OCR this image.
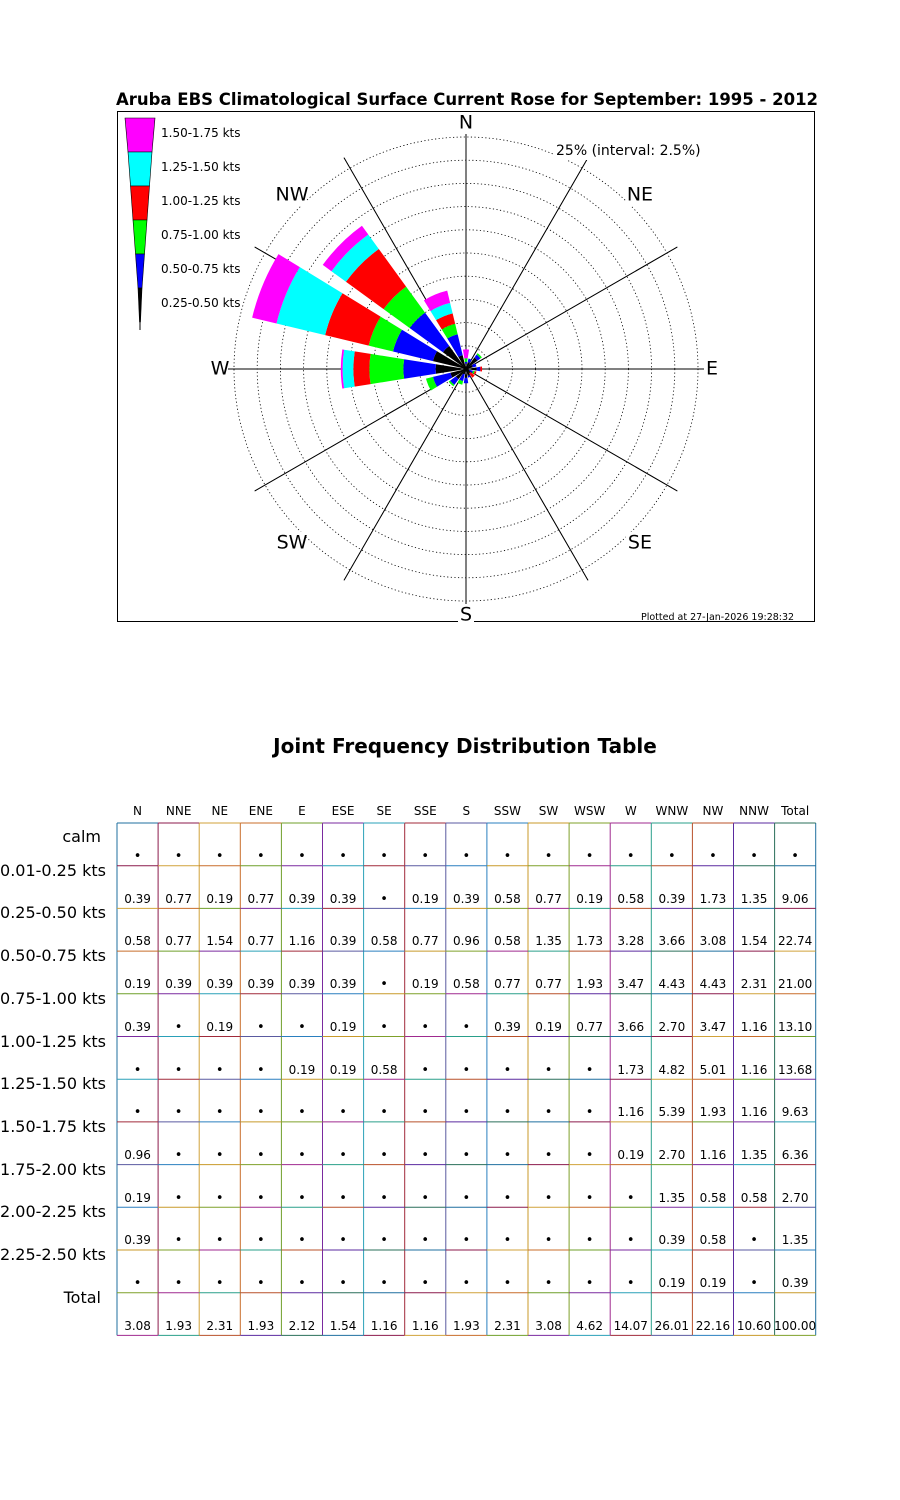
Aruba EBS Climatological Surface Current Rose for September: 1995 - 2012
N
NE
E
SE
S
SW
W
NW
25% (interval: 2.5%)
1.50-1.75 kts
1.25-1.50 kts
1.00-1.25 kts
0.75-1.00 kts
0.50-0.75 kts
0.25-0.50 kts
Plotted at 27-Jan-2026 19:28:32
Joint Frequency Distribution Table
N NNE NE ENE E ESE SE SSE S SSW SW WSW W WNW NW NNW Total
calm
•	•	•	•	•	•	•	•	•	•	•	•	•	•	•	•	•
0.01-0.25 kts
0.39 0.77 0.19 0.77 0.39 0.39 • 0.19 0.39 0.58 0.77 0.19 0.58 0.39 1.73 1.35 9.06
0.25-0.50 kts
0.58 0.77 1.54 0.77 1.16 0.39 0.58 0.77 0.96 0.58 1.35 1.73 3.28 3.66 3.08 1.54 22.74
0.50-0.75 kts
0.19 0.39 0.39 0.39 0.39 0.39 • 0.19 0.58 0.77 0.77 1.93 3.47 4.43 4.43 2.31 21.00
0.75-1.00 kts
0.39 • 0.19 •	• 0.19 •	•	• 0.39 0.19 0.77 3.66 2.70 3.47 1.16 13.10
1.00-1.25 kts
•	•	•	• 0.19 0.19 0.58 •	•	•	•	• 1.73 4.82 5.01 1.16 13.68
1.25-1.50 kts
•	•	•	•	•	•	•	•	•	•	•	• 1.16 5.39 1.93 1.16 9.63
1.50-1.75 kts
0.96 •	•	•	•	•	•	•	•	•	•	• 0.19 2.70 1.16 1.35 6.36
1.75-2.00 kts
0.19 •	•	•	•	•	•	•	•	•	•	•	• 1.35 0.58 0.58 2.70
2.00-2.25 kts
0.39 •	•	•	•	•	•	•	•	•	•	•	• 0.39 0.58 • 1.35
2.25-2.50 kts
•	•	•	•	•	•	•	•	•	•	•	•	• 0.19 0.19 • 0.39
Total
3.08 1.93 2.31 1.93 2.12 1.54 1.16 1.16 1.93 2.31 3.08 4.62 14.07 26.01 22.16 10.60 100.00
